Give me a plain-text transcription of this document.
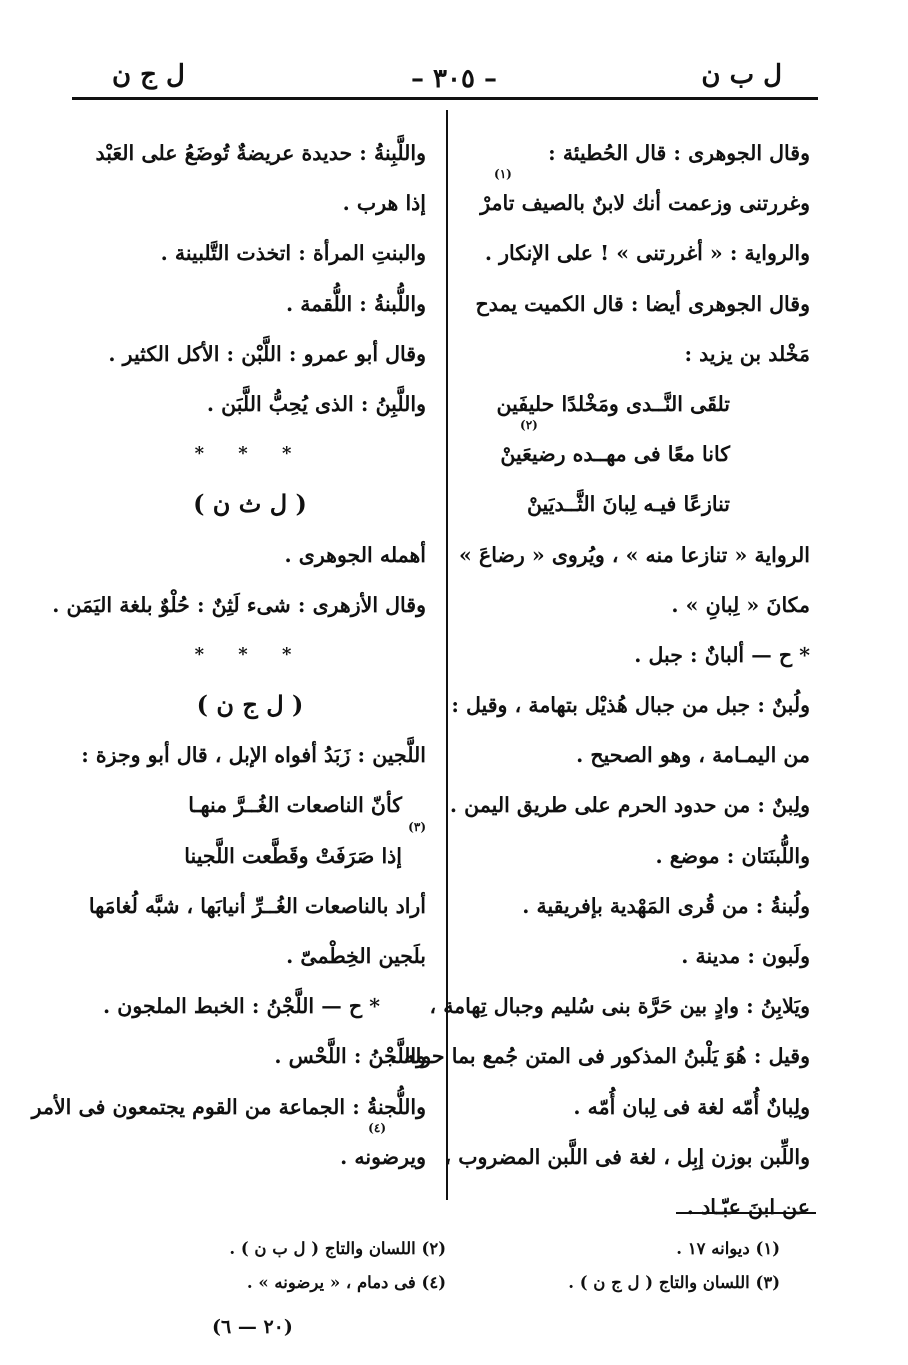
ل ب ن
– ٣٠٥ –
ل ج ن
وقال الجوهرى : قال الحُطيئة :
وغررتنى وزعمت أنك لابنٌ بالصيف تامرْ
(١)
والرواية : « أغررتنى » ! على الإنكار .
وقال الجوهرى أيضا : قال الكميت يمدح
مَخْلد بن يزيد :
تلقَى النَّــدى ومَخْلدًا حليفَين
كانا معًا فى مهــده رضيعَينْ
(٢)
تنازعًا فيـه لِبانَ الثَّــديَينْ
الرواية « تنازعا منه » ، ويُروى « رضاعَ »
مكانَ « لِبانِ » .
* ح — ألبانٌ : جبل .
ولُبنٌ : جبل من جبال هُذيْل بتهامة ، وقيل :
من اليمـامة ، وهو الصحيح .
ولِبنٌ : من حدود الحرم على طريق اليمن .
واللُّبنَتان : موضع .
ولُبنةُ : من قُرى المَهْدية بإفريقية .
ولَبون : مدينة .
ويَلابِنُ : وادٍ بين حَرَّة بنى سُليم وجبال تِهامة ،
وقيل : هُوَ يَلْبنُ المذكور فى المتن جُمع بما حوله .
ولِبانٌ أُمّه لغة فى لِبان أُمّه .
واللِّبن بوزن إبِل ، لغة فى اللَّبن المضروب ،
عن ابنَ عبّـاد .
واللَّبِنةُ : حديدة عريضةٌ تُوضَعُ على العَبْد
إذا هرب .
والبنتِ المرأة : اتخذت التَّلبينة .
واللُّبنةُ : اللُّقمة .
وقال أبو عمرو : اللَّبْن : الأكل الكثير .
واللَّبِنُ : الذى يُحِبُّ اللَّبَن .
* * *
( ل ث ن )
أهمله الجوهرى .
وقال الأزهرى : شىء لَثِنٌ : حُلْوٌ بلغة اليَمَن .
* * *
( ل ج ن )
اللَّجين : زَبَدُ أفواه الإبل ، قال أبو وجزة :
كأنّ الناصعات الغُــرَّ منهـا
إذا صَرَفَتْ وقَطَّعت اللَّجينا
(٣)
أراد بالناصعات الغُــرِّ أنيابَها ، شبَّه لُغامَها
بلَجين الخِطْمىّ .
* ح — اللَّجْنُ : الخبط الملجون .
واللَّجْنُ : اللَّحْس .
واللُّجنةُ : الجماعة من القوم يجتمعون فى الأمر
ويرضونه .
(٤)
(١) ديوانه ١٧ .
(٣) اللسان والتاج ( ل ج ن ) .
(٢) اللسان والتاج ( ل ب ن ) .
(٤) فى دمام ، « يرضونه » .
(٢٠ — ٦)
